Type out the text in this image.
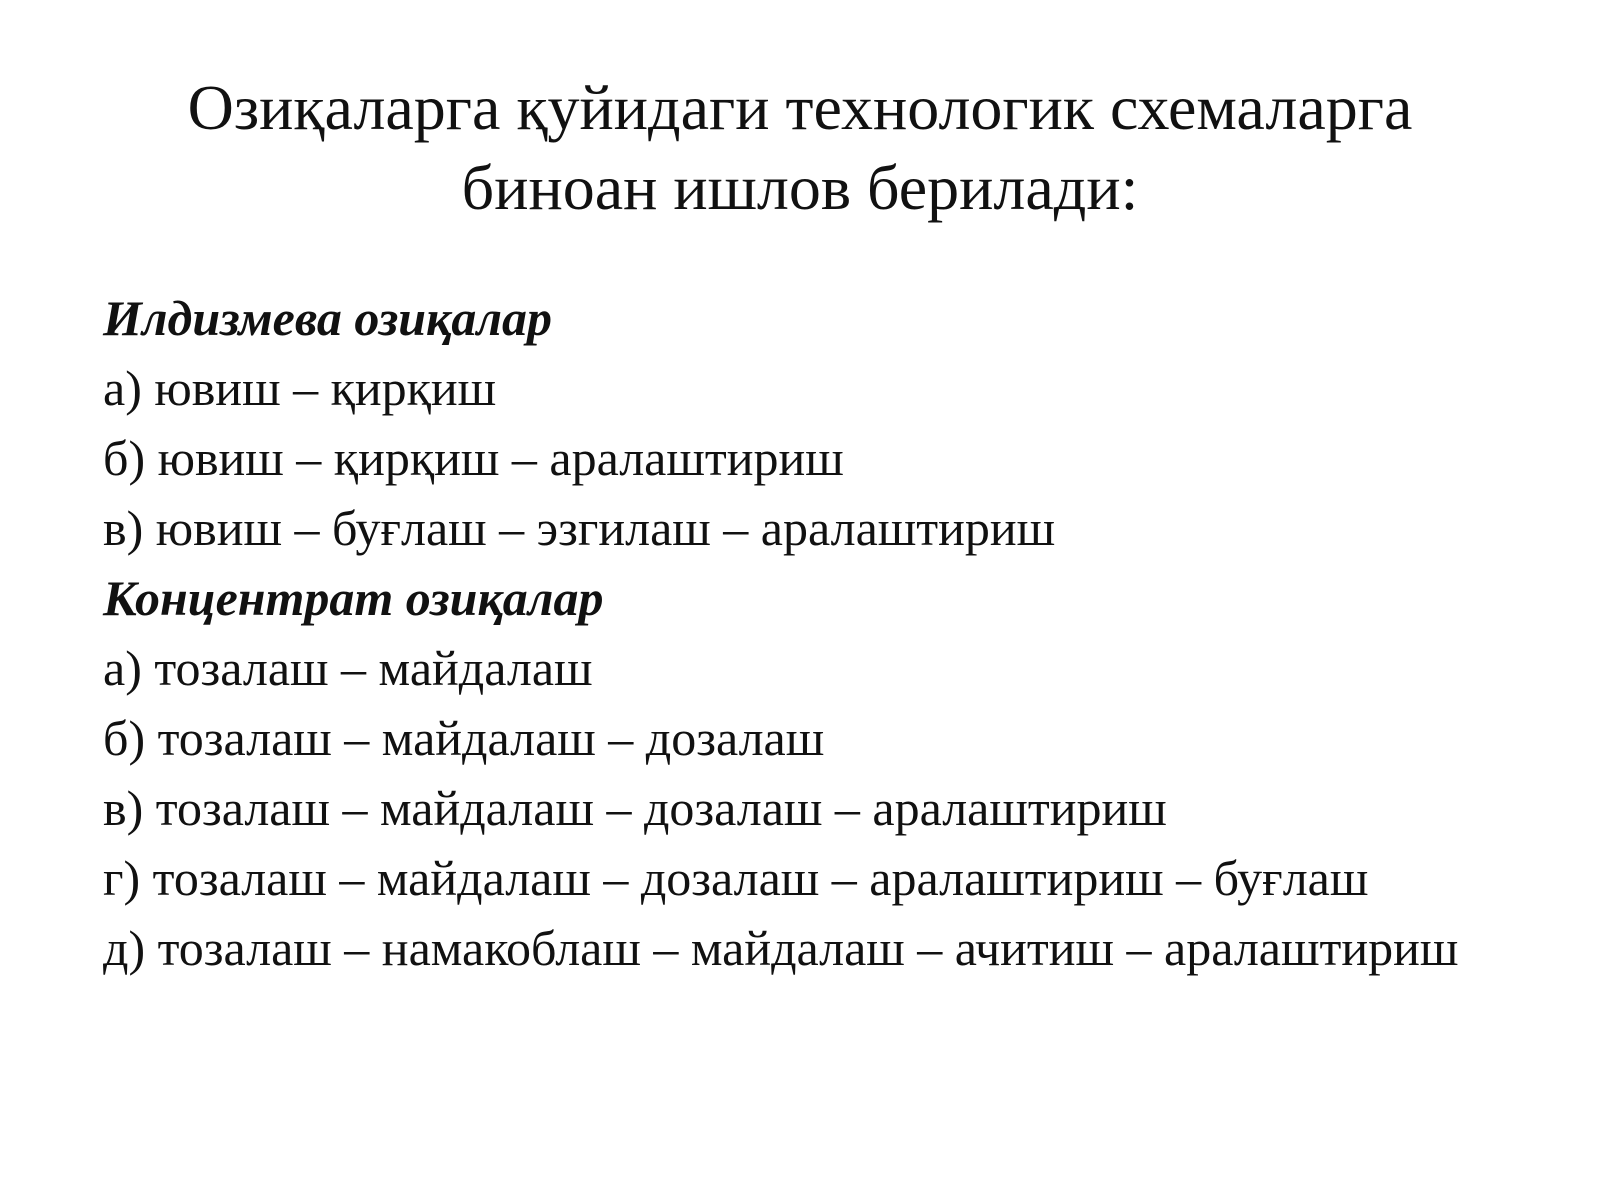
Озиқаларга қуйидаги технологик схемаларга
биноан ишлов берилади:
Илдизмева озиқалар
а) ювиш – қирқиш
б) ювиш – қирқиш – аралаштириш
в) ювиш – буғлаш – эзгилаш – аралаштириш
Концентрат озиқалар
а) тозалаш – майдалаш
б) тозалаш – майдалаш – дозалаш
в) тозалаш – майдалаш – дозалаш – аралаштириш
г) тозалаш – майдалаш – дозалаш – аралаштириш – буғлаш
д) тозалаш – намакоблаш – майдалаш – ачитиш – аралаштириш
